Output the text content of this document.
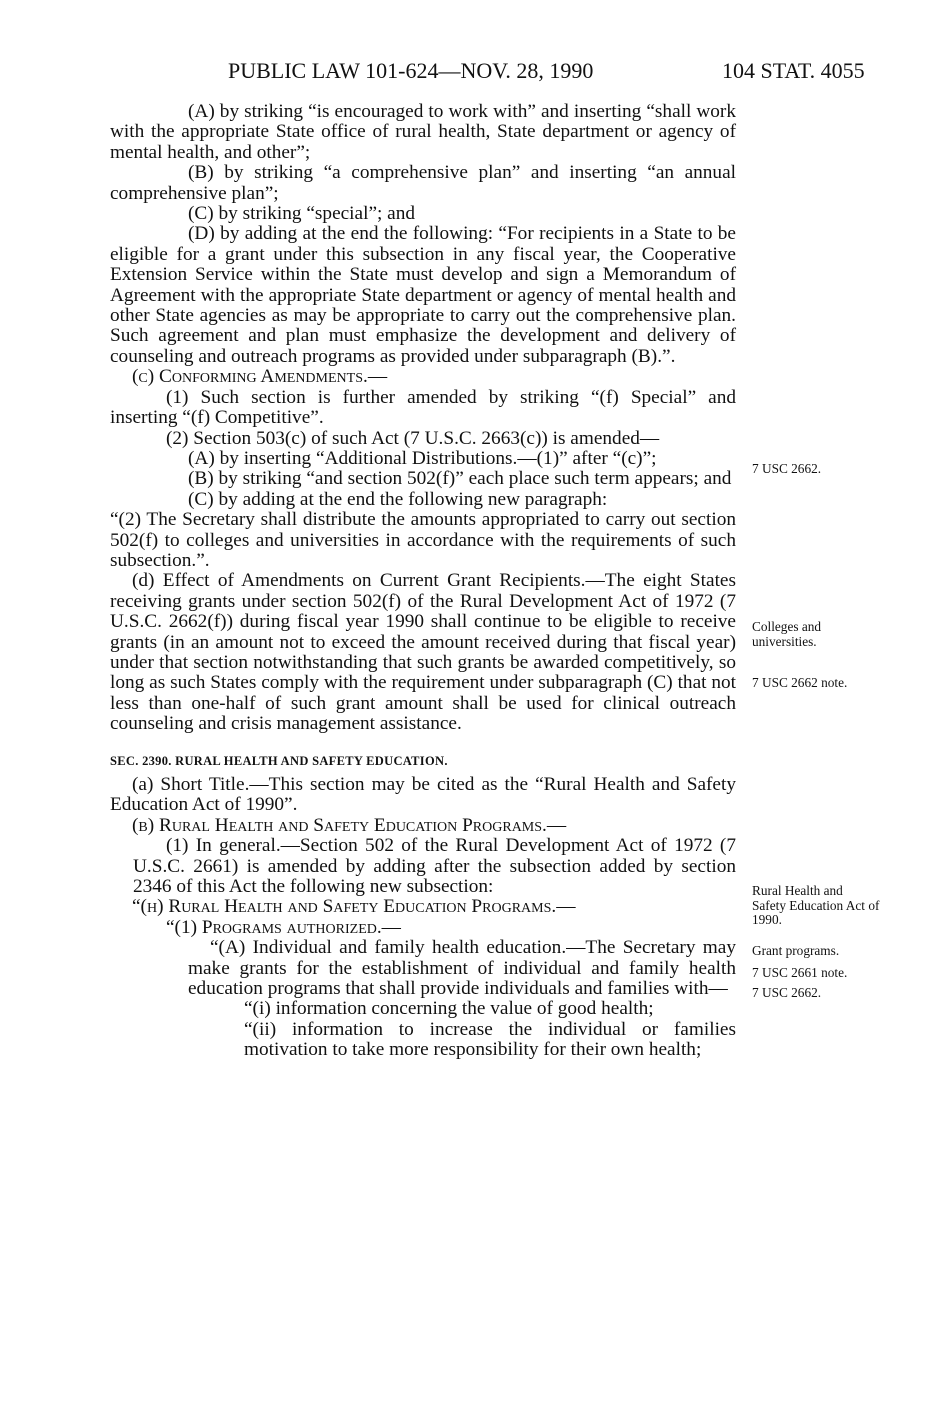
PUBLIC LAW 101-624—NOV. 28, 1990	104 STAT. 4055

(A) by striking “is encouraged to work with” and inserting “shall work with the appropriate State office of rural health, State department or agency of mental health, and other”;

(B) by striking “a comprehensive plan” and inserting “an annual comprehensive plan”;

(C) by striking “special”; and

(D) by adding at the end the following: “For recipients in a State to be eligible for a grant under this subsection in any fiscal year, the Cooperative Extension Service within the State must develop and sign a Memorandum of Agreement with the appropriate State department or agency of mental health and other State agencies as may be appropriate to carry out the comprehensive plan. Such agreement and plan must emphasize the development and delivery of counseling and outreach programs as provided under subparagraph (B).”.

(c) Conforming Amendments.—

(1) Such section is further amended by striking “(f) Special” and inserting “(f) Competitive”.

(2) Section 503(c) of such Act (7 U.S.C. 2663(c)) is amended—

(A) by inserting “Additional Distributions.—(1)” after “(c)”;

(B) by striking “and section 502(f)” each place such term appears; and

(C) by adding at the end the following new paragraph:

“(2) The Secretary shall distribute the amounts appropriated to carry out section 502(f) to colleges and universities in accordance with the requirements of such subsection.”.

(d) Effect of Amendments on Current Grant Recipients.—The eight States receiving grants under section 502(f) of the Rural Development Act of 1972 (7 U.S.C. 2662(f)) during fiscal year 1990 shall continue to be eligible to receive grants (in an amount not to exceed the amount received during that fiscal year) under that section notwithstanding that such grants be awarded competitively, so long as such States comply with the requirement under subparagraph (C) that not less than one-half of such grant amount shall be used for clinical outreach counseling and crisis management assistance.

SEC. 2390. RURAL HEALTH AND SAFETY EDUCATION.

(a) Short Title.—This section may be cited as the “Rural Health and Safety Education Act of 1990”.

(b) Rural Health and Safety Education Programs.—

(1) In general.—Section 502 of the Rural Development Act of 1972 (7 U.S.C. 2661) is amended by adding after the subsection added by section 2346 of this Act the following new subsection:

“(h) Rural Health and Safety Education Programs.—

“(1) Programs authorized.—

“(A) Individual and family health education.—The Secretary may make grants for the establishment of individual and family health education programs that shall provide individuals and families with—

“(i) information concerning the value of good health;

“(ii) information to increase the individual or families motivation to take more responsibility for their own health;

7 USC 2662.
Colleges and universities.
7 USC 2662 note.
Rural Health and Safety Education Act of 1990.
Grant programs.
7 USC 2661 note.
7 USC 2662.
